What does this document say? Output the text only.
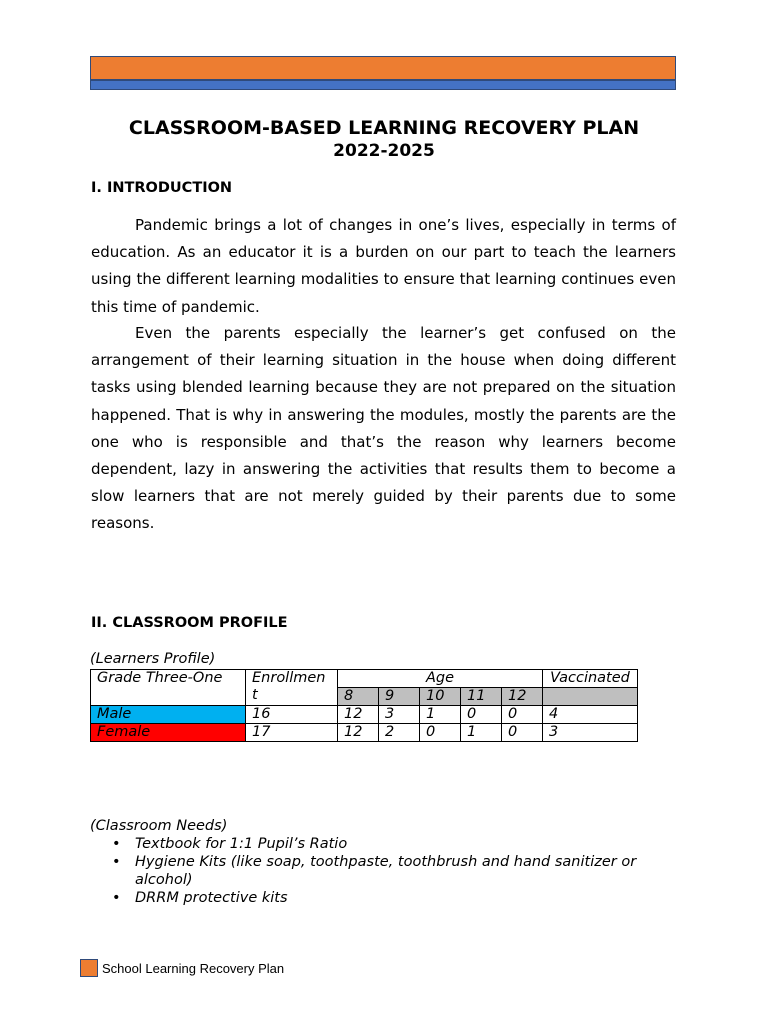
CLASSROOM-BASED LEARNING RECOVERY PLAN
2022-2025
I. INTRODUCTION

Pandemic brings a lot of changes in one’s lives, especially in terms of education. As an educator it is a burden on our part to teach the learners using the different learning modalities to ensure that learning continues even this time of pandemic.

Even the parents especially the learner’s get confused on the arrangement of their learning situation in the house when doing different tasks using blended learning because they are not prepared on the situation happened. That is why in answering the modules, mostly the parents are the one who is responsible and that’s the reason why learners become dependent, lazy in answering the activities that results them to become a slow learners that are not merely guided by their parents due to some reasons.

II. CLASSROOM PROFILE
(Learners Profile)
Grade Three-One	Enrollment	Age					Vaccinated
		8	9	10	11	12	
Male	16	12	3	1	0	0	4
Female	17	12	2	0	1	0	3
(Classroom Needs)
• Textbook for 1:1 Pupil’s Ratio
• Hygiene Kits (like soap, toothpaste, toothbrush and hand sanitizer or alcohol)
• DRRM protective kits
School Learning Recovery Plan
